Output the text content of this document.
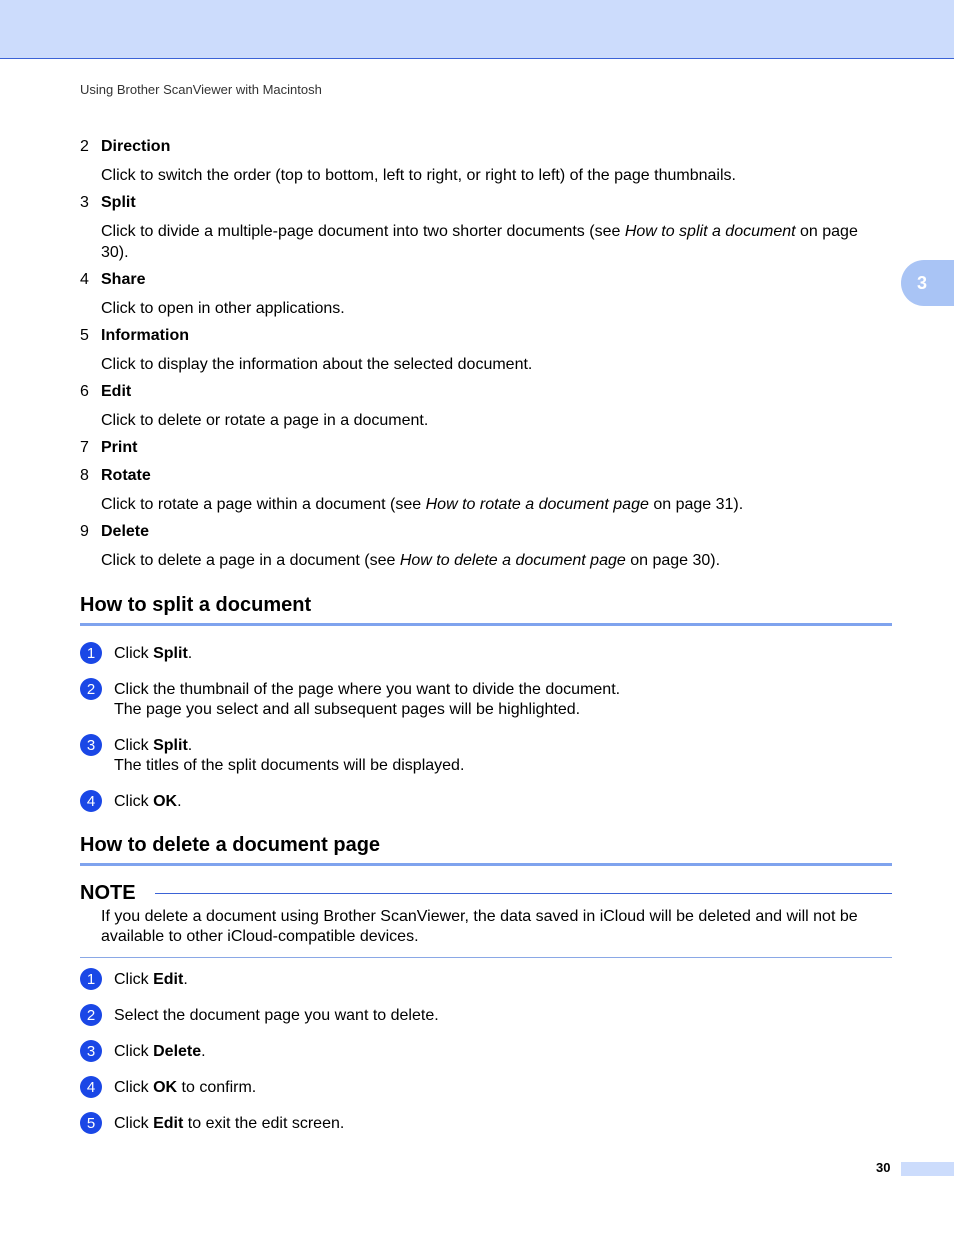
Using Brother ScanViewer with Macintosh
3
2 Direction
Click to switch the order (top to bottom, left to right, or right to left) of the page thumbnails.
3 Split
Click to divide a multiple-page document into two shorter documents (see How to split a document on page 30).
4 Share
Click to open in other applications.
5 Information
Click to display the information about the selected document.
6 Edit
Click to delete or rotate a page in a document.
7 Print
8 Rotate
Click to rotate a page within a document (see How to rotate a document page on page 31).
9 Delete
Click to delete a page in a document (see How to delete a document page on page 30).
How to split a document
1	Click Split.
2	Click the thumbnail of the page where you want to divide the document.
The page you select and all subsequent pages will be highlighted.
3	Click Split.
The titles of the split documents will be displayed.
4	Click OK.
How to delete a document page
NOTE
If you delete a document using Brother ScanViewer, the data saved in iCloud will be deleted and will not be available to other iCloud-compatible devices.
1	Click Edit.
2	Select the document page you want to delete.
3	Click Delete.
4	Click OK to confirm.
5	Click Edit to exit the edit screen.
30
